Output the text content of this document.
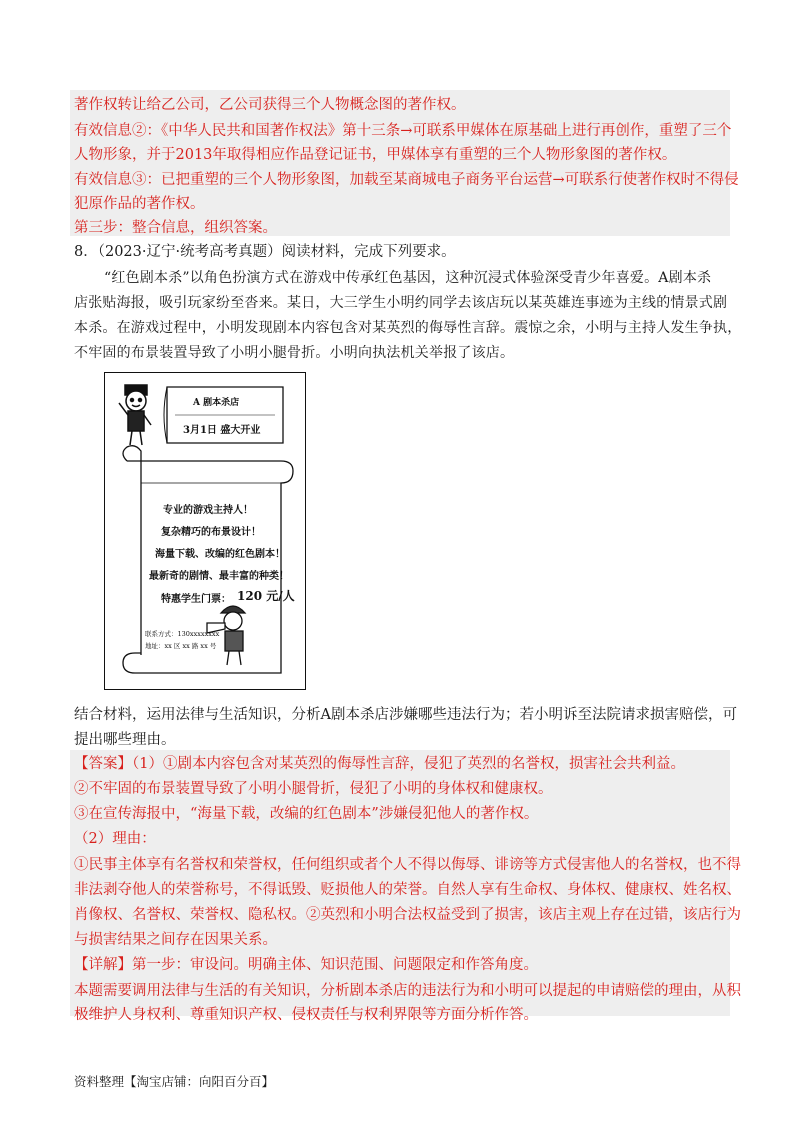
著作权转让给乙公司，乙公司获得三个人物概念图的著作权。
有效信息②：《中华人民共和国著作权法》第十三条→可联系甲媒体在原基础上进行再创作，重塑了三个
人物形象，并于2013年取得相应作品登记证书，甲媒体享有重塑的三个人物形象图的著作权。
有效信息③：已把重塑的三个人物形象图，加载至某商城电子商务平台运营→可联系行使著作权时不得侵
犯原作品的著作权。
第三步：整合信息，组织答案。
8．（2023·辽宁·统考高考真题）阅读材料，完成下列要求。
“红色剧本杀”以角色扮演方式在游戏中传承红色基因，这种沉浸式体验深受青少年喜爱。A剧本杀
店张贴海报，吸引玩家纷至沓来。某日，大三学生小明约同学去该店玩以某英雄连事迹为主线的情景式剧
本杀。在游戏过程中，小明发现剧本内容包含对某英烈的侮辱性言辞。震惊之余，小明与主持人发生争执，
不牢固的布景装置导致了小明小腿骨折。小明向执法机关举报了该店。
A 剧本杀店
3月1日 盛大开业
专业的游戏主持人！
复杂精巧的布景设计！
海量下载、改编的红色剧本！
最新奇的剧情、最丰富的种类！
特惠学生门票： 120 元/人
联系方式：130xxxxxxxx
地址：xx 区 xx 路 xx 号
结合材料，运用法律与生活知识，分析A剧本杀店涉嫌哪些违法行为；若小明诉至法院请求损害赔偿，可
提出哪些理由。
【答案】（1）①剧本内容包含对某英烈的侮辱性言辞，侵犯了英烈的名誉权，损害社会共利益。
②不牢固的布景装置导致了小明小腿骨折，侵犯了小明的身体权和健康权。
③在宣传海报中，“海量下载，改编的红色剧本”涉嫌侵犯他人的著作权。
（2）理由：
①民事主体享有名誉权和荣誉权，任何组织或者个人不得以侮辱、诽谤等方式侵害他人的名誉权，也不得
非法剥夺他人的荣誉称号，不得诋毁、贬损他人的荣誉。自然人享有生命权、身体权、健康权、姓名权、
肖像权、名誉权、荣誉权、隐私权。②英烈和小明合法权益受到了损害，该店主观上存在过错，该店行为
与损害结果之间存在因果关系。
【详解】第一步：审设问。明确主体、知识范围、问题限定和作答角度。
本题需要调用法律与生活的有关知识，分析剧本杀店的违法行为和小明可以提起的申请赔偿的理由，从积
极维护人身权利、尊重知识产权、侵权责任与权利界限等方面分析作答。
资料整理【淘宝店铺：向阳百分百】
